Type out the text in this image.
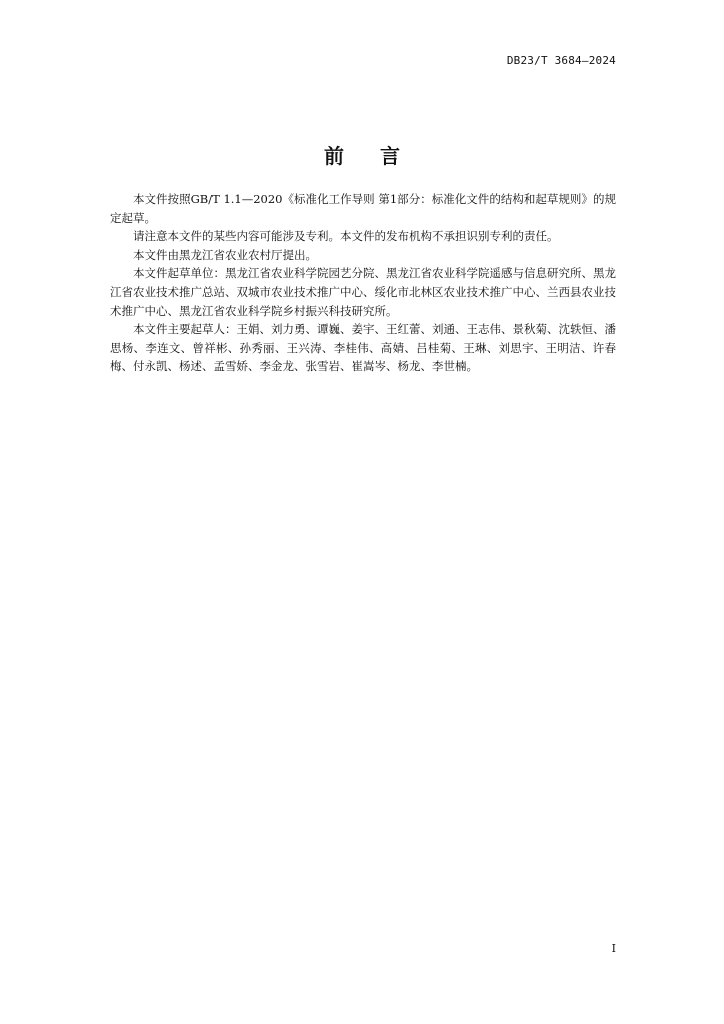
DB23/T 3684—2024
前言

本文件按照GB/T 1.1—2020《标准化工作导则 第1部分：标准化文件的结构和起草规则》的规定起草。

请注意本文件的某些内容可能涉及专利。本文件的发布机构不承担识别专利的责任。

本文件由黑龙江省农业农村厅提出。

本文件起草单位：黑龙江省农业科学院园艺分院、黑龙江省农业科学院遥感与信息研究所、黑龙江省农业技术推广总站、双城市农业技术推广中心、绥化市北林区农业技术推广中心、兰西县农业技术推广中心、黑龙江省农业科学院乡村振兴科技研究所。

本文件主要起草人：王娟、刘力勇、谭巍、姜宇、王红蕾、刘通、王志伟、景秋菊、沈轶恒、潘思杨、李连文、曾祥彬、孙秀丽、王兴涛、李桂伟、高婧、吕桂菊、王琳、刘思宇、王明洁、许春梅、付永凯、杨述、孟雪娇、李金龙、张雪岩、崔嵩岑、杨龙、李世楠。

I
